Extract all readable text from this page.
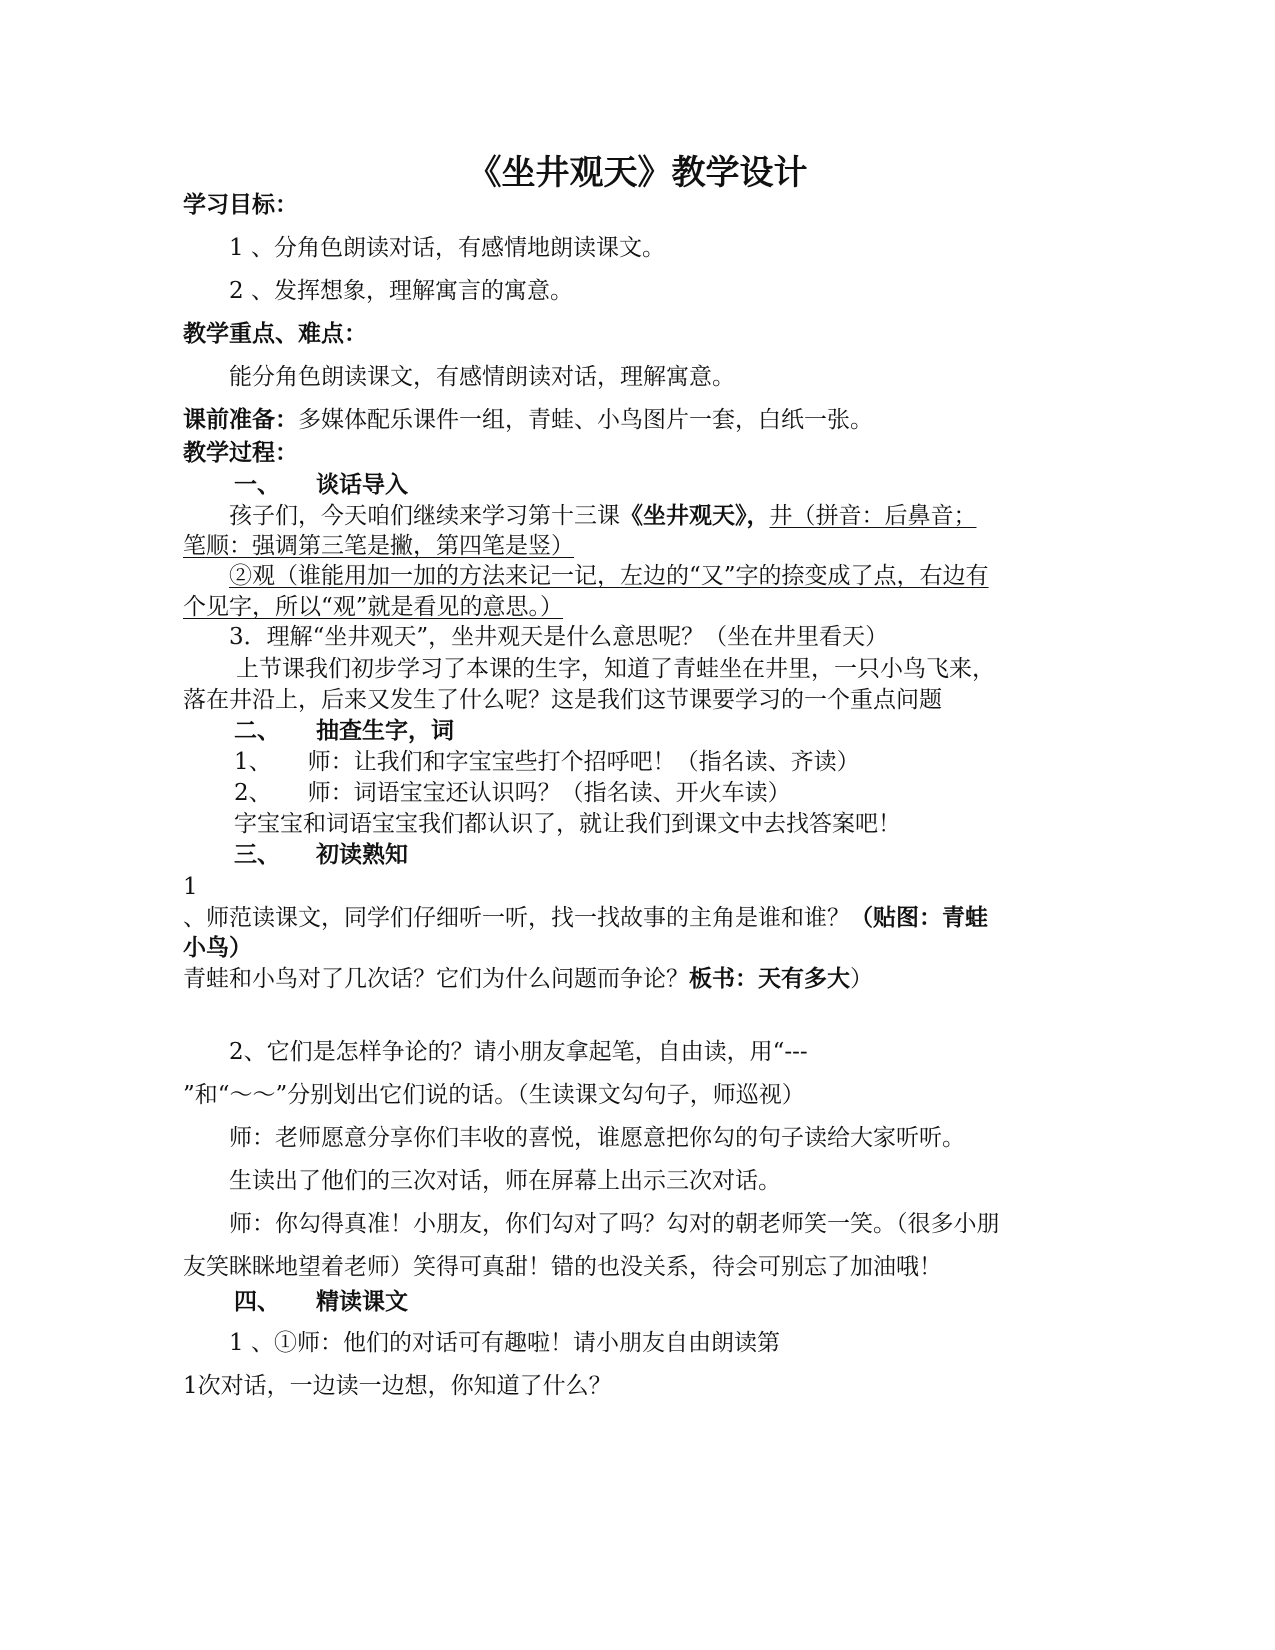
《坐井观天》教学设计
学习目标：
1 、分角色朗读对话，有感情地朗读课文。
2 、发挥想象，理解寓言的寓意。
教学重点、难点：
能分角色朗读课文，有感情朗读对话，理解寓意。
课前准备：多媒体配乐课件一组，青蛙、小鸟图片一套，白纸一张。
教学过程：
一、 谈话导入
孩子们，今天咱们继续来学习第十三课《坐井观天》，井（拼音：后鼻音；
笔顺：强调第三笔是撇，第四笔是竖）
②观（谁能用加一加的方法来记一记，左边的“又”字的捺变成了点，右边有
个见字，所以“观”就是看见的意思。）
3．理解“坐井观天”，坐井观天是什么意思呢？（坐在井里看天）
上节课我们初步学习了本课的生字，知道了青蛙坐在井里，一只小鸟飞来，
落在井沿上，后来又发生了什么呢？这是我们这节课要学习的一个重点问题
二、 抽查生字，词
1、 师：让我们和字宝宝些打个招呼吧！（指名读、齐读）
2、 师：词语宝宝还认识吗？（指名读、开火车读）
字宝宝和词语宝宝我们都认识了，就让我们到课文中去找答案吧！
三、 初读熟知
1
、师范读课文，同学们仔细听一听，找一找故事的主角是谁和谁？（贴图：青蛙
小鸟）
青蛙和小鸟对了几次话？它们为什么问题而争论？板书：天有多大）
2、它们是怎样争论的？请小朋友拿起笔，自由读，用“---
”和“～～”分别划出它们说的话。（生读课文勾句子，师巡视）
师：老师愿意分享你们丰收的喜悦，谁愿意把你勾的句子读给大家听听。
生读出了他们的三次对话，师在屏幕上出示三次对话。
师：你勾得真准！小朋友，你们勾对了吗？勾对的朝老师笑一笑。（很多小朋
友笑眯眯地望着老师）笑得可真甜！错的也没关系，待会可别忘了加油哦！
四、 精读课文
1 、①师：他们的对话可有趣啦！请小朋友自由朗读第
1次对话，一边读一边想，你知道了什么？
